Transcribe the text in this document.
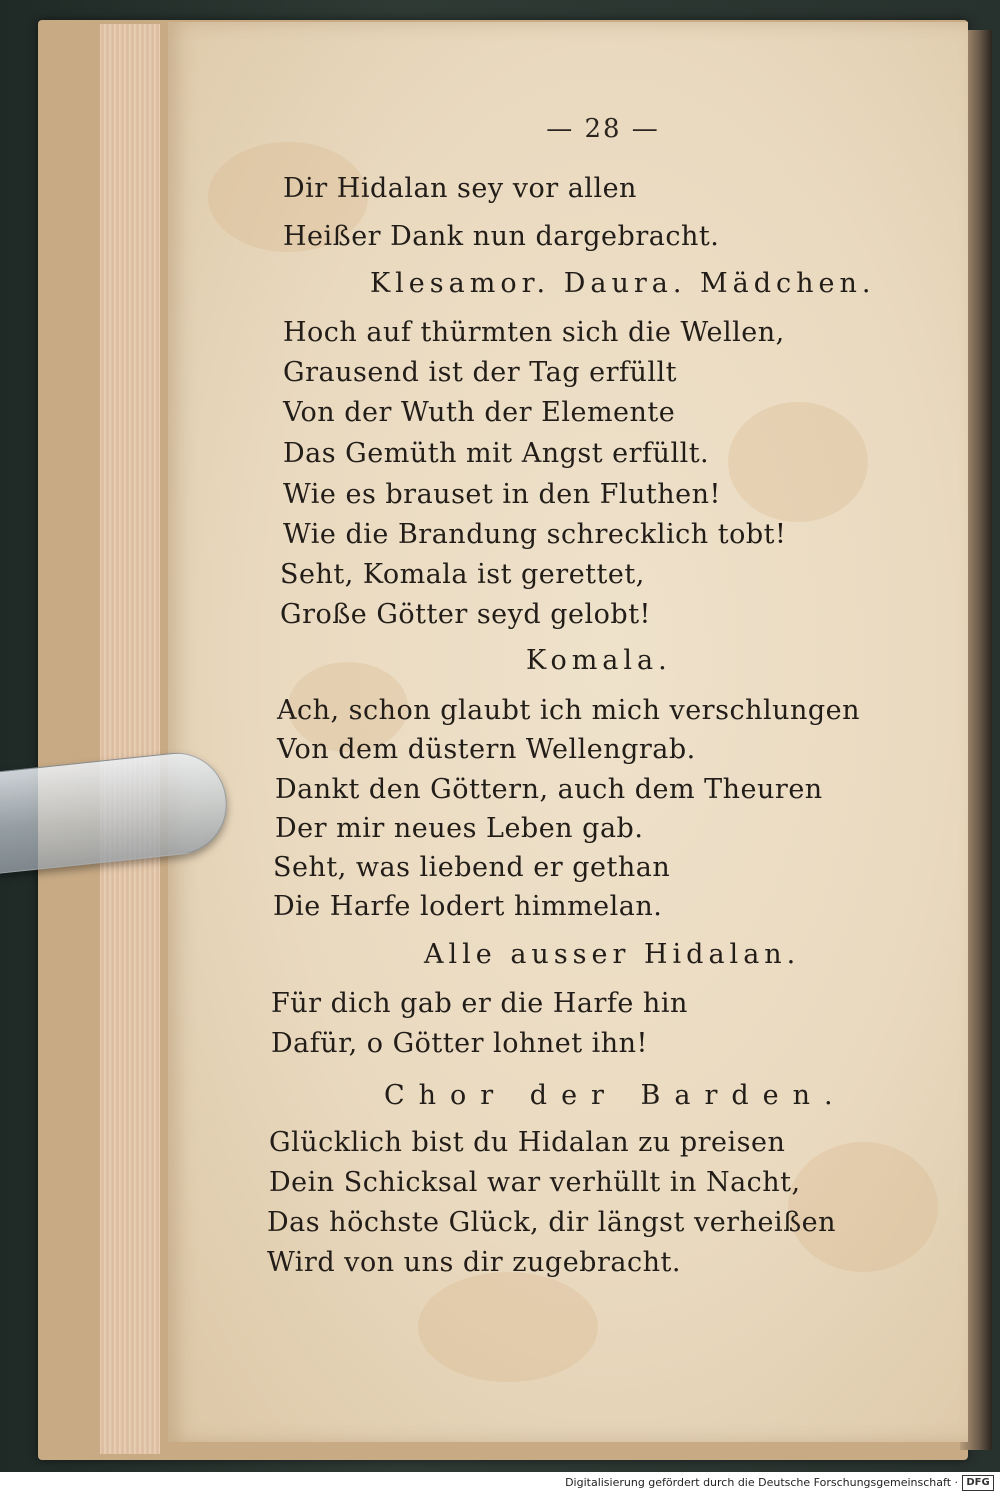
— 28 —
Dir Hidalan sey vor allen
Heißer Dank nun dargebracht.
Klesamor. Daura. Mädchen.
Hoch auf thürmten sich die Wellen,
Grausend ist der Tag erfüllt
Von der Wuth der Elemente
Das Gemüth mit Angst erfüllt.
Wie es brauset in den Fluthen!
Wie die Brandung schrecklich tobt!
Seht, Komala ist gerettet,
Große Götter seyd gelobt!
Komala.
Ach, schon glaubt ich mich verschlungen
Von dem düstern Wellengrab.
Dankt den Göttern, auch dem Theuren
Der mir neues Leben gab.
Seht, was liebend er gethan
Die Harfe lodert himmelan.
Alle ausser Hidalan.
Für dich gab er die Harfe hin
Dafür, o Götter lohnet ihn!
Chor der Barden.
Glücklich bist du Hidalan zu preisen
Dein Schicksal war verhüllt in Nacht,
Das höchste Glück, dir längst verheißen
Wird von uns dir zugebracht.
Digitalisierung gefördert durch die Deutsche Forschungsgemeinschaft · DFG
